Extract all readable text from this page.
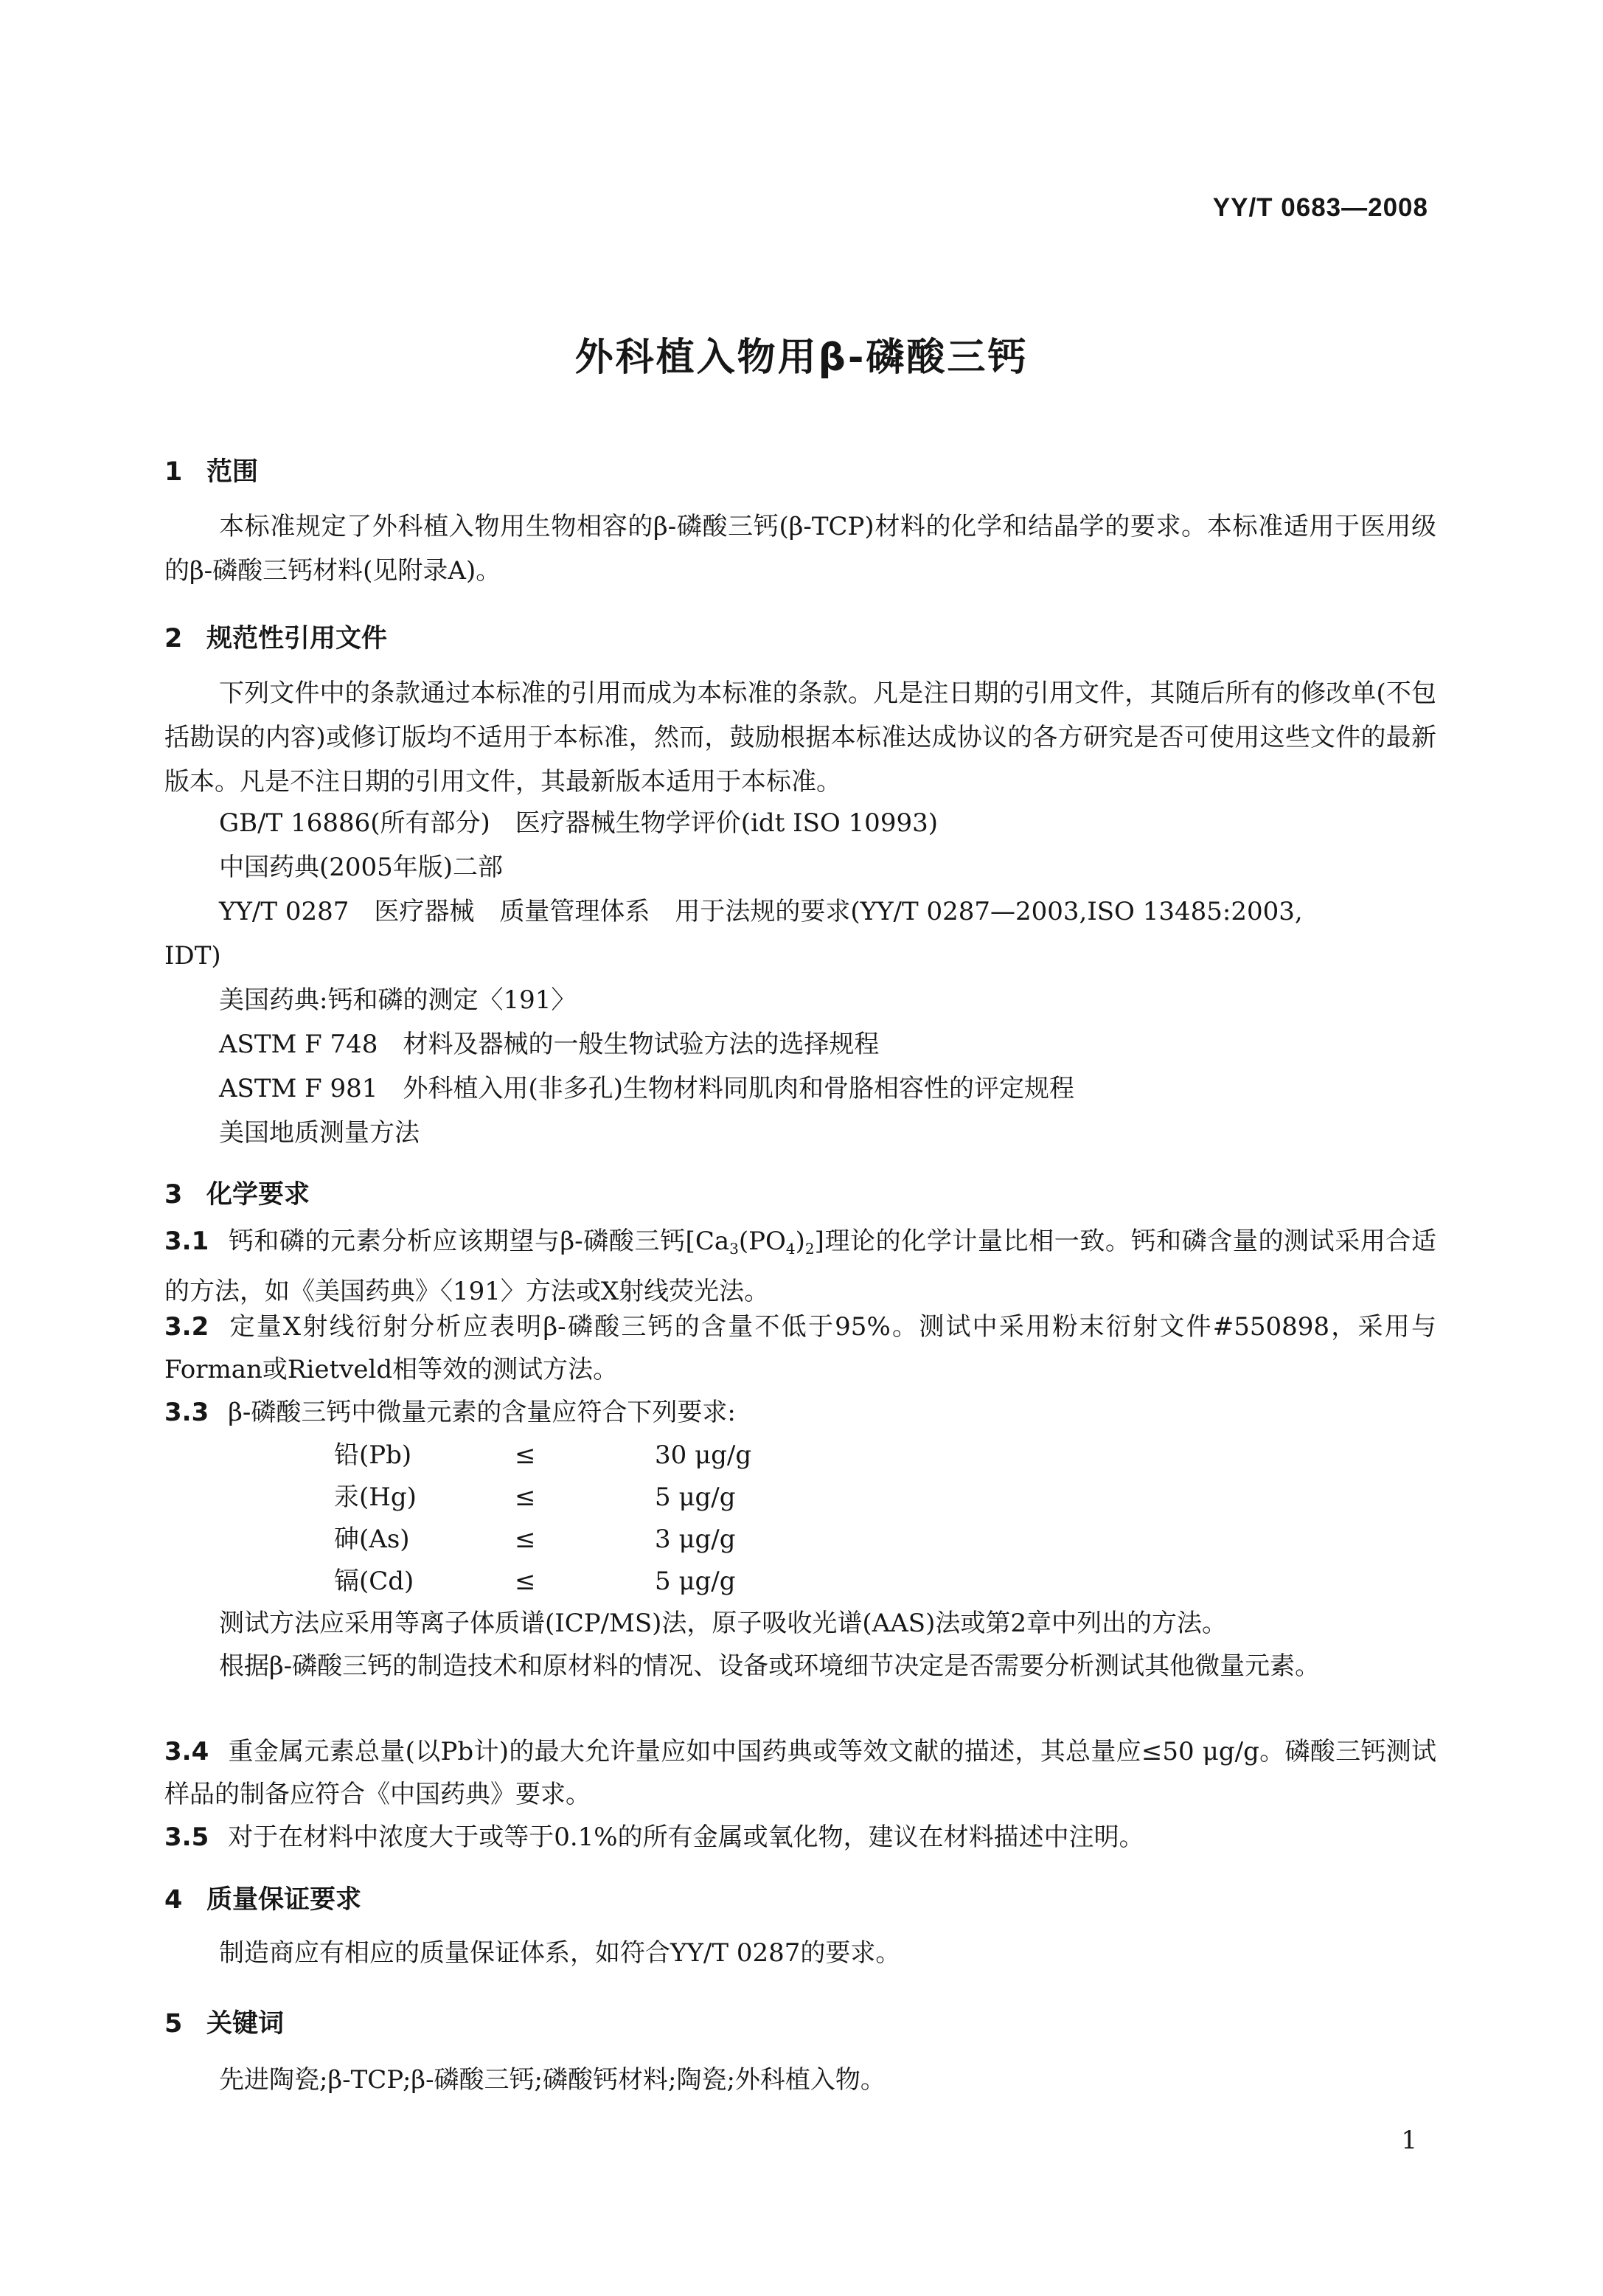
YY/T 0683—2008
外科植入物用β-磷酸三钙
1 范围

本标准规定了外科植入物用生物相容的β-磷酸三钙(β-TCP)材料的化学和结晶学的要求。本标准适用于医用级的β-磷酸三钙材料(见附录A)。

2 规范性引用文件

下列文件中的条款通过本标准的引用而成为本标准的条款。凡是注日期的引用文件，其随后所有的修改单(不包括勘误的内容)或修订版均不适用于本标准，然而，鼓励根据本标准达成协议的各方研究是否可使用这些文件的最新版本。凡是不注日期的引用文件，其最新版本适用于本标准。

GB/T 16886(所有部分)　医疗器械生物学评价(idt ISO 10993)
中国药典(2005年版)二部
YY/T 0287　医疗器械　质量管理体系　用于法规的要求(YY/T 0287—2003,ISO 13485:2003,
IDT)
美国药典:钙和磷的测定〈191〉
ASTM F 748　材料及器械的一般生物试验方法的选择规程
ASTM F 981　外科植入用(非多孔)生物材料同肌肉和骨胳相容性的评定规程
美国地质测量方法
3 化学要求

3.1 钙和磷的元素分析应该期望与β-磷酸三钙$[Ca_3(PO_4)_2]$理论的化学计量比相一致。钙和磷含量的测试采用合适的方法，如《美国药典》〈191〉方法或X射线荧光法。

3.2 定量X射线衍射分析应表明β-磷酸三钙的含量不低于95%。测试中采用粉末衍射文件#550898，采用与Forman或Rietveld相等效的测试方法。

3.3 β-磷酸三钙中微量元素的含量应符合下列要求:

铅(Pb)	≤	30 μg/g
汞(Hg)	≤	5 μg/g
砷(As)	≤	3 μg/g
镉(Cd)	≤	5 μg/g

测试方法应采用等离子体质谱(ICP/MS)法，原子吸收光谱(AAS)法或第2章中列出的方法。

根据β-磷酸三钙的制造技术和原材料的情况、设备或环境细节决定是否需要分析测试其他微量元素。

3.4 重金属元素总量(以Pb计)的最大允许量应如中国药典或等效文献的描述，其总量应≤50 μg/g。磷酸三钙测试样品的制备应符合《中国药典》要求。

3.5 对于在材料中浓度大于或等于0.1%的所有金属或氧化物，建议在材料描述中注明。

4 质量保证要求

制造商应有相应的质量保证体系，如符合YY/T 0287的要求。

5 关键词

先进陶瓷;β-TCP;β-磷酸三钙;磷酸钙材料;陶瓷;外科植入物。

1
